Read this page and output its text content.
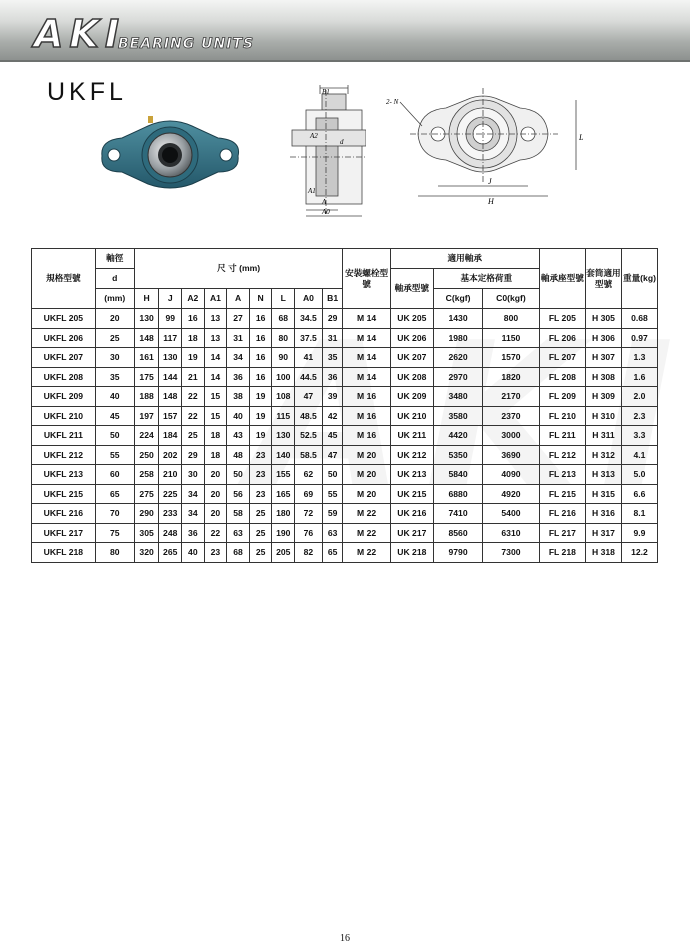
AKI
BEARING UNITS
UKFL	B1
A2
d
A1
A
A0
2- N
L
J
H
規格型號	軸徑	尺 寸 (mm)									安裝螺栓型號	適用軸承			軸承座型號	套筒適用型號	重量(kg)
	d											軸承型號	基本定格荷重				
	(mm)	H	J	A2	A1	A	N	L	A0	B1			C(kgf)	C0(kgf)			
UKFL 205	20	130	99	16	13	27	16	68	34.5	29	M 14	UK 205	1430	800	FL 205	H 305	0.68
UKFL 206	25	148	117	18	13	31	16	80	37.5	31	M 14	UK 206	1980	1150	FL 206	H 306	0.97
UKFL 207	30	161	130	19	14	34	16	90	41	35	M 14	UK 207	2620	1570	FL 207	H 307	1.3
UKFL 208	35	175	144	21	14	36	16	100	44.5	36	M 14	UK 208	2970	1820	FL 208	H 308	1.6
UKFL 209	40	188	148	22	15	38	19	108	47	39	M 16	UK 209	3480	2170	FL 209	H 309	2.0
UKFL 210	45	197	157	22	15	40	19	115	48.5	42	M 16	UK 210	3580	2370	FL 210	H 310	2.3
UKFL 211	50	224	184	25	18	43	19	130	52.5	45	M 16	UK 211	4420	3000	FL 211	H 311	3.3
UKFL 212	55	250	202	29	18	48	23	140	58.5	47	M 20	UK 212	5350	3690	FL 212	H 312	4.1
UKFL 213	60	258	210	30	20	50	23	155	62	50	M 20	UK 213	5840	4090	FL 213	H 313	5.0
UKFL 215	65	275	225	34	20	56	23	165	69	55	M 20	UK 215	6880	4920	FL 215	H 315	6.6
UKFL 216	70	290	233	34	20	58	25	180	72	59	M 22	UK 216	7410	5400	FL 216	H 316	8.1
UKFL 217	75	305	248	36	22	63	25	190	76	63	M 22	UK 217	8560	6310	FL 217	H 317	9.9
UKFL 218	80	320	265	40	23	68	25	205	82	65	M 22	UK 218	9790	7300	FL 218	H 318	12.2
16
